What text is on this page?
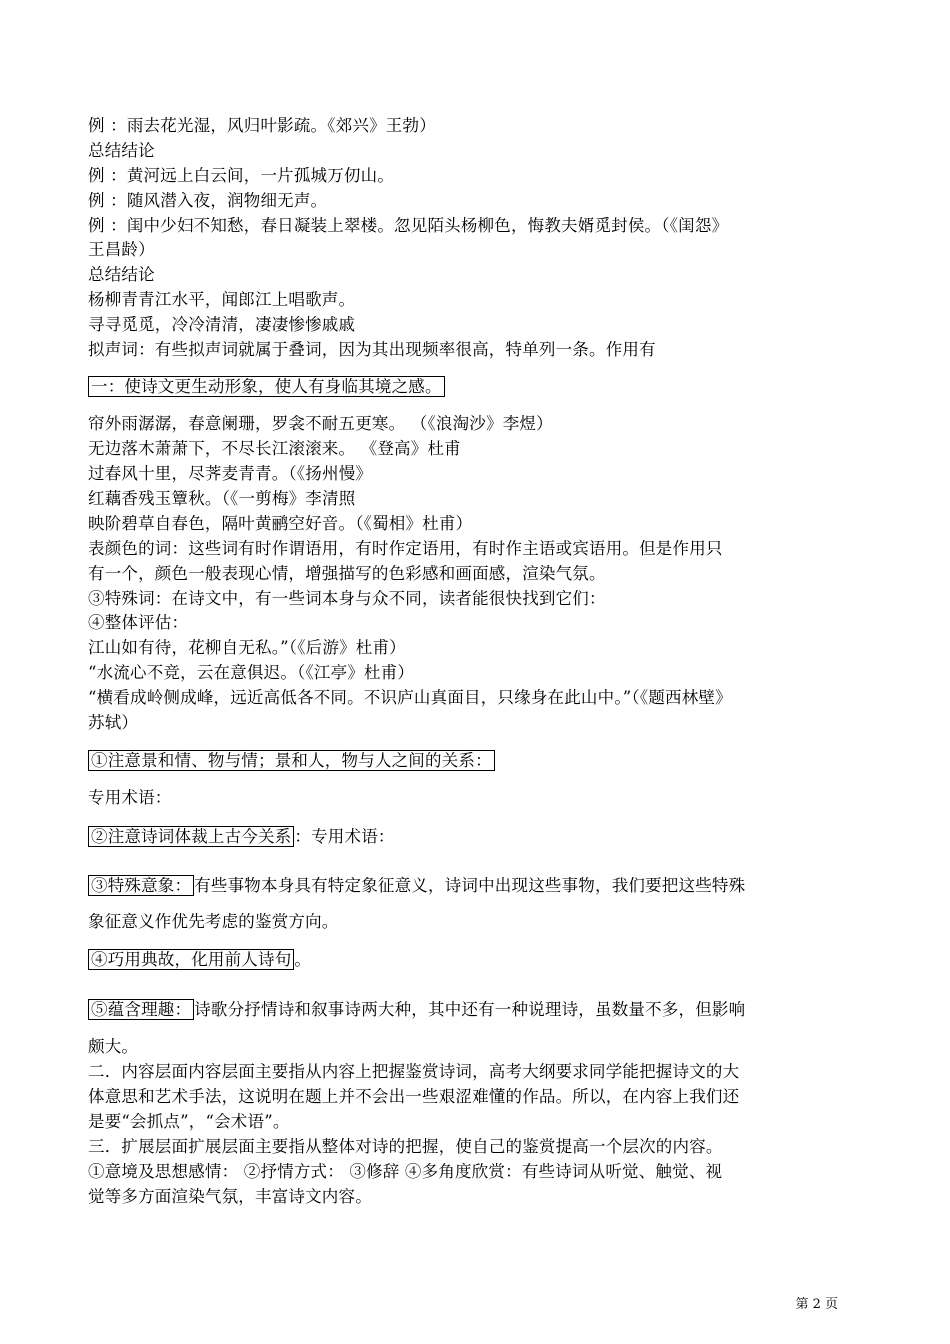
例 ：雨去花光湿，风归叶影疏。《郊兴》王勃）
总结结论
例 ：黄河远上白云间，一片孤城万仞山。
例 ：随风潜入夜，润物细无声。
例 ：闺中少妇不知愁，春日凝装上翠楼。忽见陌头杨柳色，悔教夫婿觅封侯。（《闺怨》
王昌龄）
总结结论
杨柳青青江水平，闻郎江上唱歌声。
寻寻觅觅，冷冷清清，凄凄惨惨戚戚
拟声词：有些拟声词就属于叠词，因为其出现频率很高，特单列一条。作用有
一：使诗文更生动形象，使人有身临其境之感。
帘外雨潺潺，春意阑珊，罗衾不耐五更寒。 （《浪淘沙》李煜）
无边落木萧萧下，不尽长江滚滚来。 《登高》杜甫
过春风十里，尽荠麦青青。（《扬州慢》
红藕香残玉簟秋。（《一剪梅》李清照
映阶碧草自春色，隔叶黄鹂空好音。（《蜀相》杜甫）
表颜色的词：这些词有时作谓语用，有时作定语用，有时作主语或宾语用。但是作用只
有一个，颜色一般表现心情，增强描写的色彩感和画面感，渲染气氛。
③特殊词：在诗文中，有一些词本身与众不同，读者能很快找到它们：
④整体评估：
江山如有待，花柳自无私。”（《后游》杜甫）
“水流心不竞，云在意俱迟。（《江亭》杜甫）
“横看成岭侧成峰，远近高低各不同。不识庐山真面目，只缘身在此山中。”（《题西林壁》
苏轼）
①注意景和情、物与情；景和人，物与人之间的关系：
专用术语：
②注意诗词体裁上古今关系 ：专用术语：
③特殊意象： 有些事物本身具有特定象征意义，诗词中出现这些事物，我们要把这些特殊
象征意义作优先考虑的鉴赏方向。
④巧用典故，化用前人诗句 。
⑤蕴含理趣： 诗歌分抒情诗和叙事诗两大种，其中还有一种说理诗，虽数量不多，但影响
颇大。
二．内容层面内容层面主要指从内容上把握鉴赏诗词，高考大纲要求同学能把握诗文的大
体意思和艺术手法，这说明在题上并不会出一些艰涩难懂的作品。所以，在内容上我们还
是要“会抓点”，“会术语”。
三．扩展层面扩展层面主要指从整体对诗的把握，使自己的鉴赏提高一个层次的内容。
①意境及思想感情： ②抒情方式： ③修辞 ④多角度欣赏：有些诗词从听觉、触觉、视
觉等多方面渲染气氛，丰富诗文内容。
第 2 页
